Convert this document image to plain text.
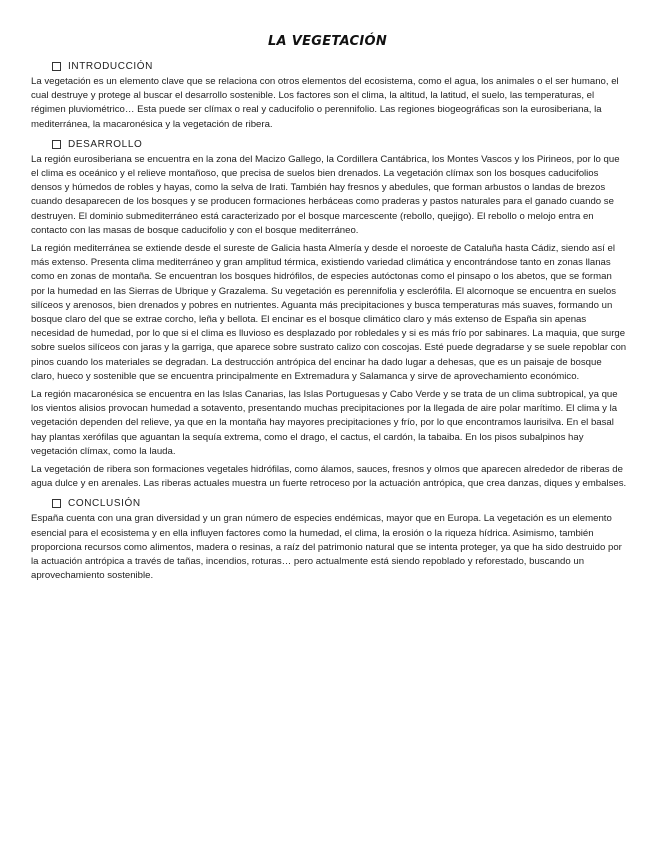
LA VEGETACIÓN
INTRODUCCIÓN

La vegetación es un elemento clave que se relaciona con otros elementos del ecosistema, como el agua, los animales o el ser humano, el cual destruye y protege al buscar el desarrollo sostenible. Los factores son el clima, la altitud, la latitud, el suelo, las temperaturas, el régimen pluviométrico… Esta puede ser clímax o real y caducifolio o perennifolio. Las regiones biogeográficas son la eurosiberiana, la mediterránea, la macaronésica y la vegetación de ribera.

DESARROLLO

La región eurosiberiana se encuentra en la zona del Macizo Gallego, la Cordillera Cantábrica, los Montes Vascos y los Pirineos, por lo que el clima es oceánico y el relieve montañoso, que precisa de suelos bien drenados. La vegetación clímax son los bosques caducifolios densos y húmedos de robles y hayas, como la selva de Irati. También hay fresnos y abedules, que forman arbustos o landas de brezos cuando desaparecen de los bosques y se producen formaciones herbáceas como praderas y pastos naturales para el ganado cuando se destruyen. El dominio submediterráneo está caracterizado por el bosque marcescente (rebollo, quejigo). El rebollo o melojo entra en contacto con las masas de bosque caducifolio y con el bosque mediterráneo.

La región mediterránea se extiende desde el sureste de Galicia hasta Almería y desde el noroeste de Cataluña hasta Cádiz, siendo así el más extenso. Presenta clima mediterráneo y gran amplitud térmica, existiendo variedad climática y encontrándose tanto en zonas llanas como en zonas de montaña. Se encuentran los bosques hidrófilos, de especies autóctonas como el pinsapo o los abetos, que se forman por la humedad en las Sierras de Ubrique y Grazalema. Su vegetación es perennifolia y esclerófila. El alcornoque se encuentra en suelos silíceos y arenosos, bien drenados y pobres en nutrientes. Aguanta más precipitaciones y busca temperaturas más suaves, formando un bosque claro del que se extrae corcho, leña y bellota. El encinar es el bosque climático claro y más extenso de España sin apenas necesidad de humedad, por lo que si el clima es lluvioso es desplazado por robledales y si es más frío por sabinares. La maquia, que surge sobre suelos silíceos con jaras y la garriga, que aparece sobre sustrato calizo con coscojas. Esté puede degradarse y se suele repoblar con pinos cuando los materiales se degradan. La destrucción antrópica del encinar ha dado lugar a dehesas, que es un paisaje de bosque claro, hueco y sostenible que se encuentra principalmente en Extremadura y Salamanca y sirve de aprovechamiento económico.

La región macaronésica se encuentra en las Islas Canarias, las Islas Portuguesas y Cabo Verde y se trata de un clima subtropical, ya que los vientos alisios provocan humedad a sotavento, presentando muchas precipitaciones por la llegada de aire polar marítimo. El clima y la vegetación dependen del relieve, ya que en la montaña hay mayores precipitaciones y frío, por lo que encontramos laurisilva. En el basal hay plantas xerófilas que aguantan la sequía extrema, como el drago, el cactus, el cardón, la tabaiba. En los pisos subalpinos hay vegetación clímax, como la lauda.

La vegetación de ribera son formaciones vegetales hidrófilas, como álamos, sauces, fresnos y olmos que aparecen alrededor de riberas de agua dulce y en arenales. Las riberas actuales muestra un fuerte retroceso por la actuación antrópica, que crea danzas, diques y embalses.

CONCLUSIÓN

España cuenta con una gran diversidad y un gran número de especies endémicas, mayor que en Europa. La vegetación es un elemento esencial para el ecosistema y en ella influyen factores como la humedad, el clima, la erosión o la riqueza hídrica. Asimismo, también proporciona recursos como alimentos, madera o resinas, a raíz del patrimonio natural que se intenta proteger, ya que ha sido destruido por la actuación antrópica a través de tañas, incendios, roturas… pero actualmente está siendo repoblado y reforestado, buscando un aprovechamiento sostenible.
